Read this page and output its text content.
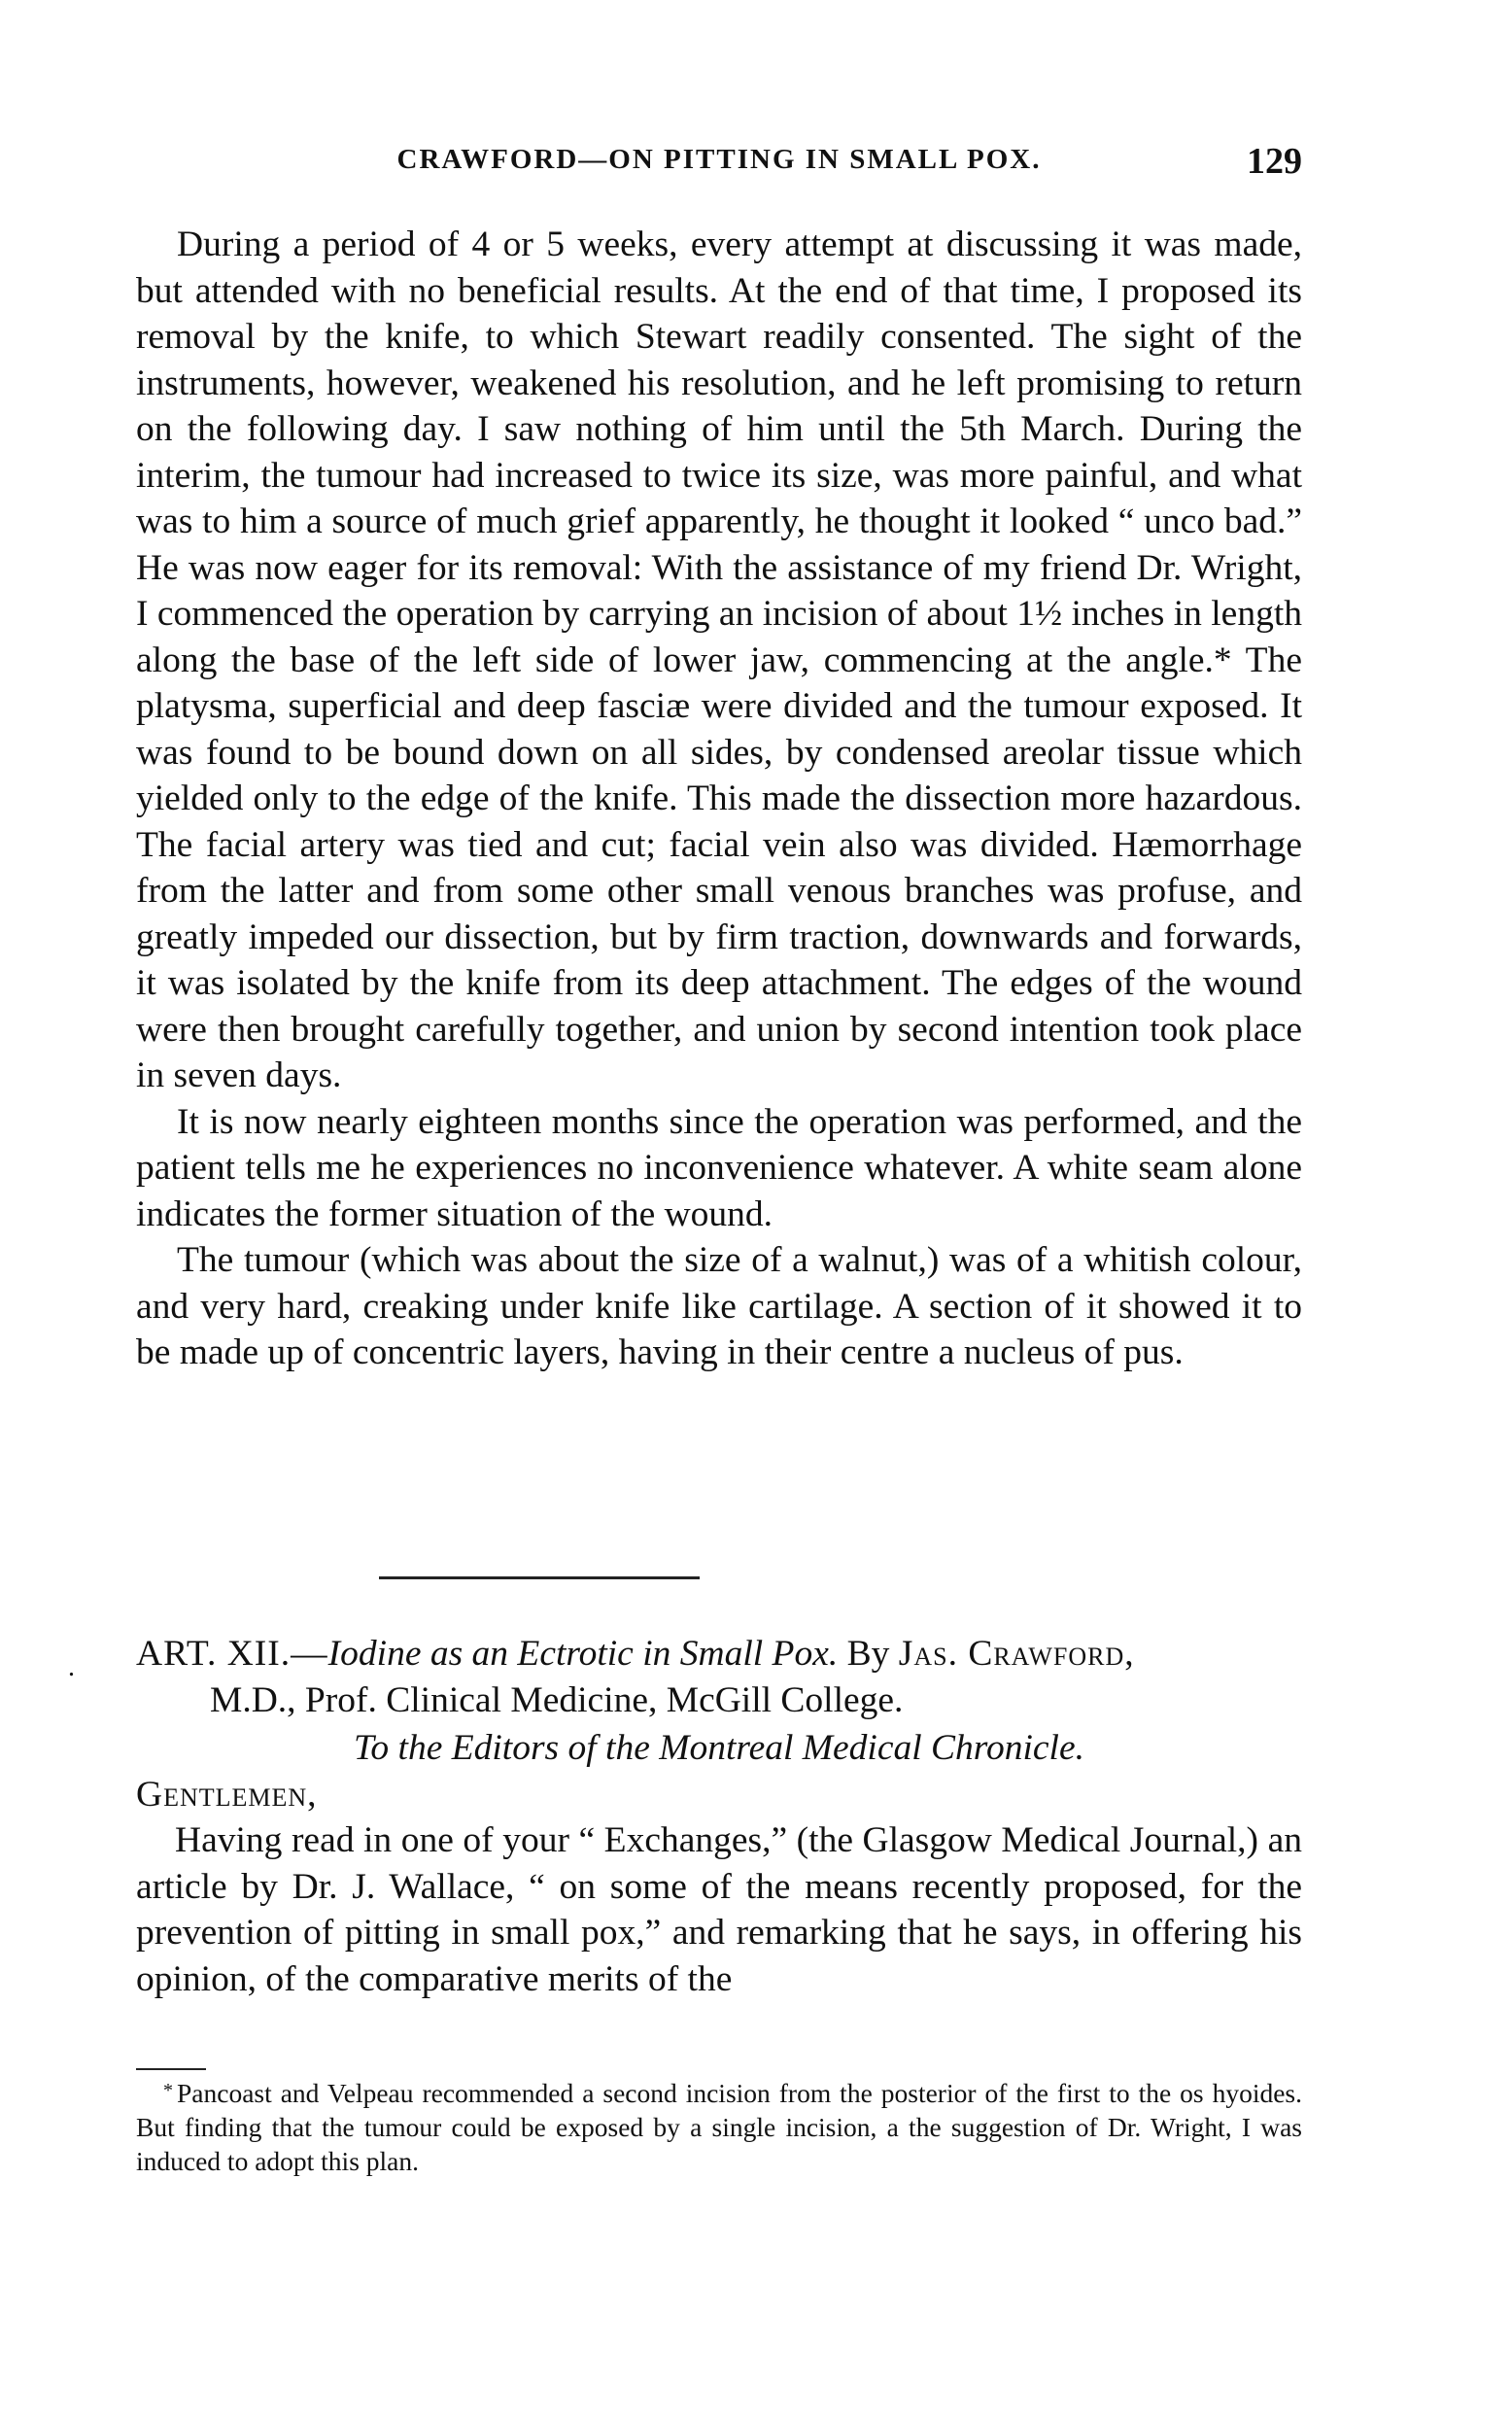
CRAWFORD—ON PITTING IN SMALL POX.	129

During a period of 4 or 5 weeks, every attempt at discussing it was made, but attended with no beneficial results. At the end of that time, I proposed its removal by the knife, to which Stewart readily consented. The sight of the instruments, however, weakened his resolution, and he left promising to return on the following day. I saw nothing of him until the 5th March. During the interim, the tumour had increased to twice its size, was more painful, and what was to him a source of much grief apparently, he thought it looked “ unco bad.” He was now eager for its removal: With the assistance of my friend Dr. Wright, I commenced the operation by carrying an incision of about 1½ inches in length along the base of the left side of lower jaw, commencing at the angle.* The platysma, superficial and deep fasciæ were divided and the tumour exposed. It was found to be bound down on all sides, by condensed areolar tissue which yielded only to the edge of the knife. This made the dissection more hazardous. The facial artery was tied and cut; facial vein also was divided. Hæmorrhage from the latter and from some other small venous branches was profuse, and greatly impeded our dissection, but by firm traction, downwards and forwards, it was isolated by the knife from its deep attachment. The edges of the wound were then brought carefully together, and union by second intention took place in seven days.

It is now nearly eighteen months since the operation was performed, and the patient tells me he experiences no inconvenience whatever. A white seam alone indicates the former situation of the wound.

The tumour (which was about the size of a walnut,) was of a whitish colour, and very hard, creaking under knife like cartilage. A section of it showed it to be made up of concentric layers, having in their centre a nucleus of pus.

. ART. XII.—Iodine as an Ectrotic in Small Pox. By Jas. Crawford,

M.D., Prof. Clinical Medicine, McGill College.

To the Editors of the Montreal Medical Chronicle.

Gentlemen,

Having read in one of your “ Exchanges,” (the Glasgow Medical Journal,) an article by Dr. J. Wallace, “ on some of the means recently proposed, for the prevention of pitting in small pox,” and remarking that he says, in offering his opinion, of the comparative merits of the

* Pancoast and Velpeau recommended a second incision from the posterior of the first to the os hyoides. But finding that the tumour could be exposed by a single incision, a the suggestion of Dr. Wright, I was induced to adopt this plan.
